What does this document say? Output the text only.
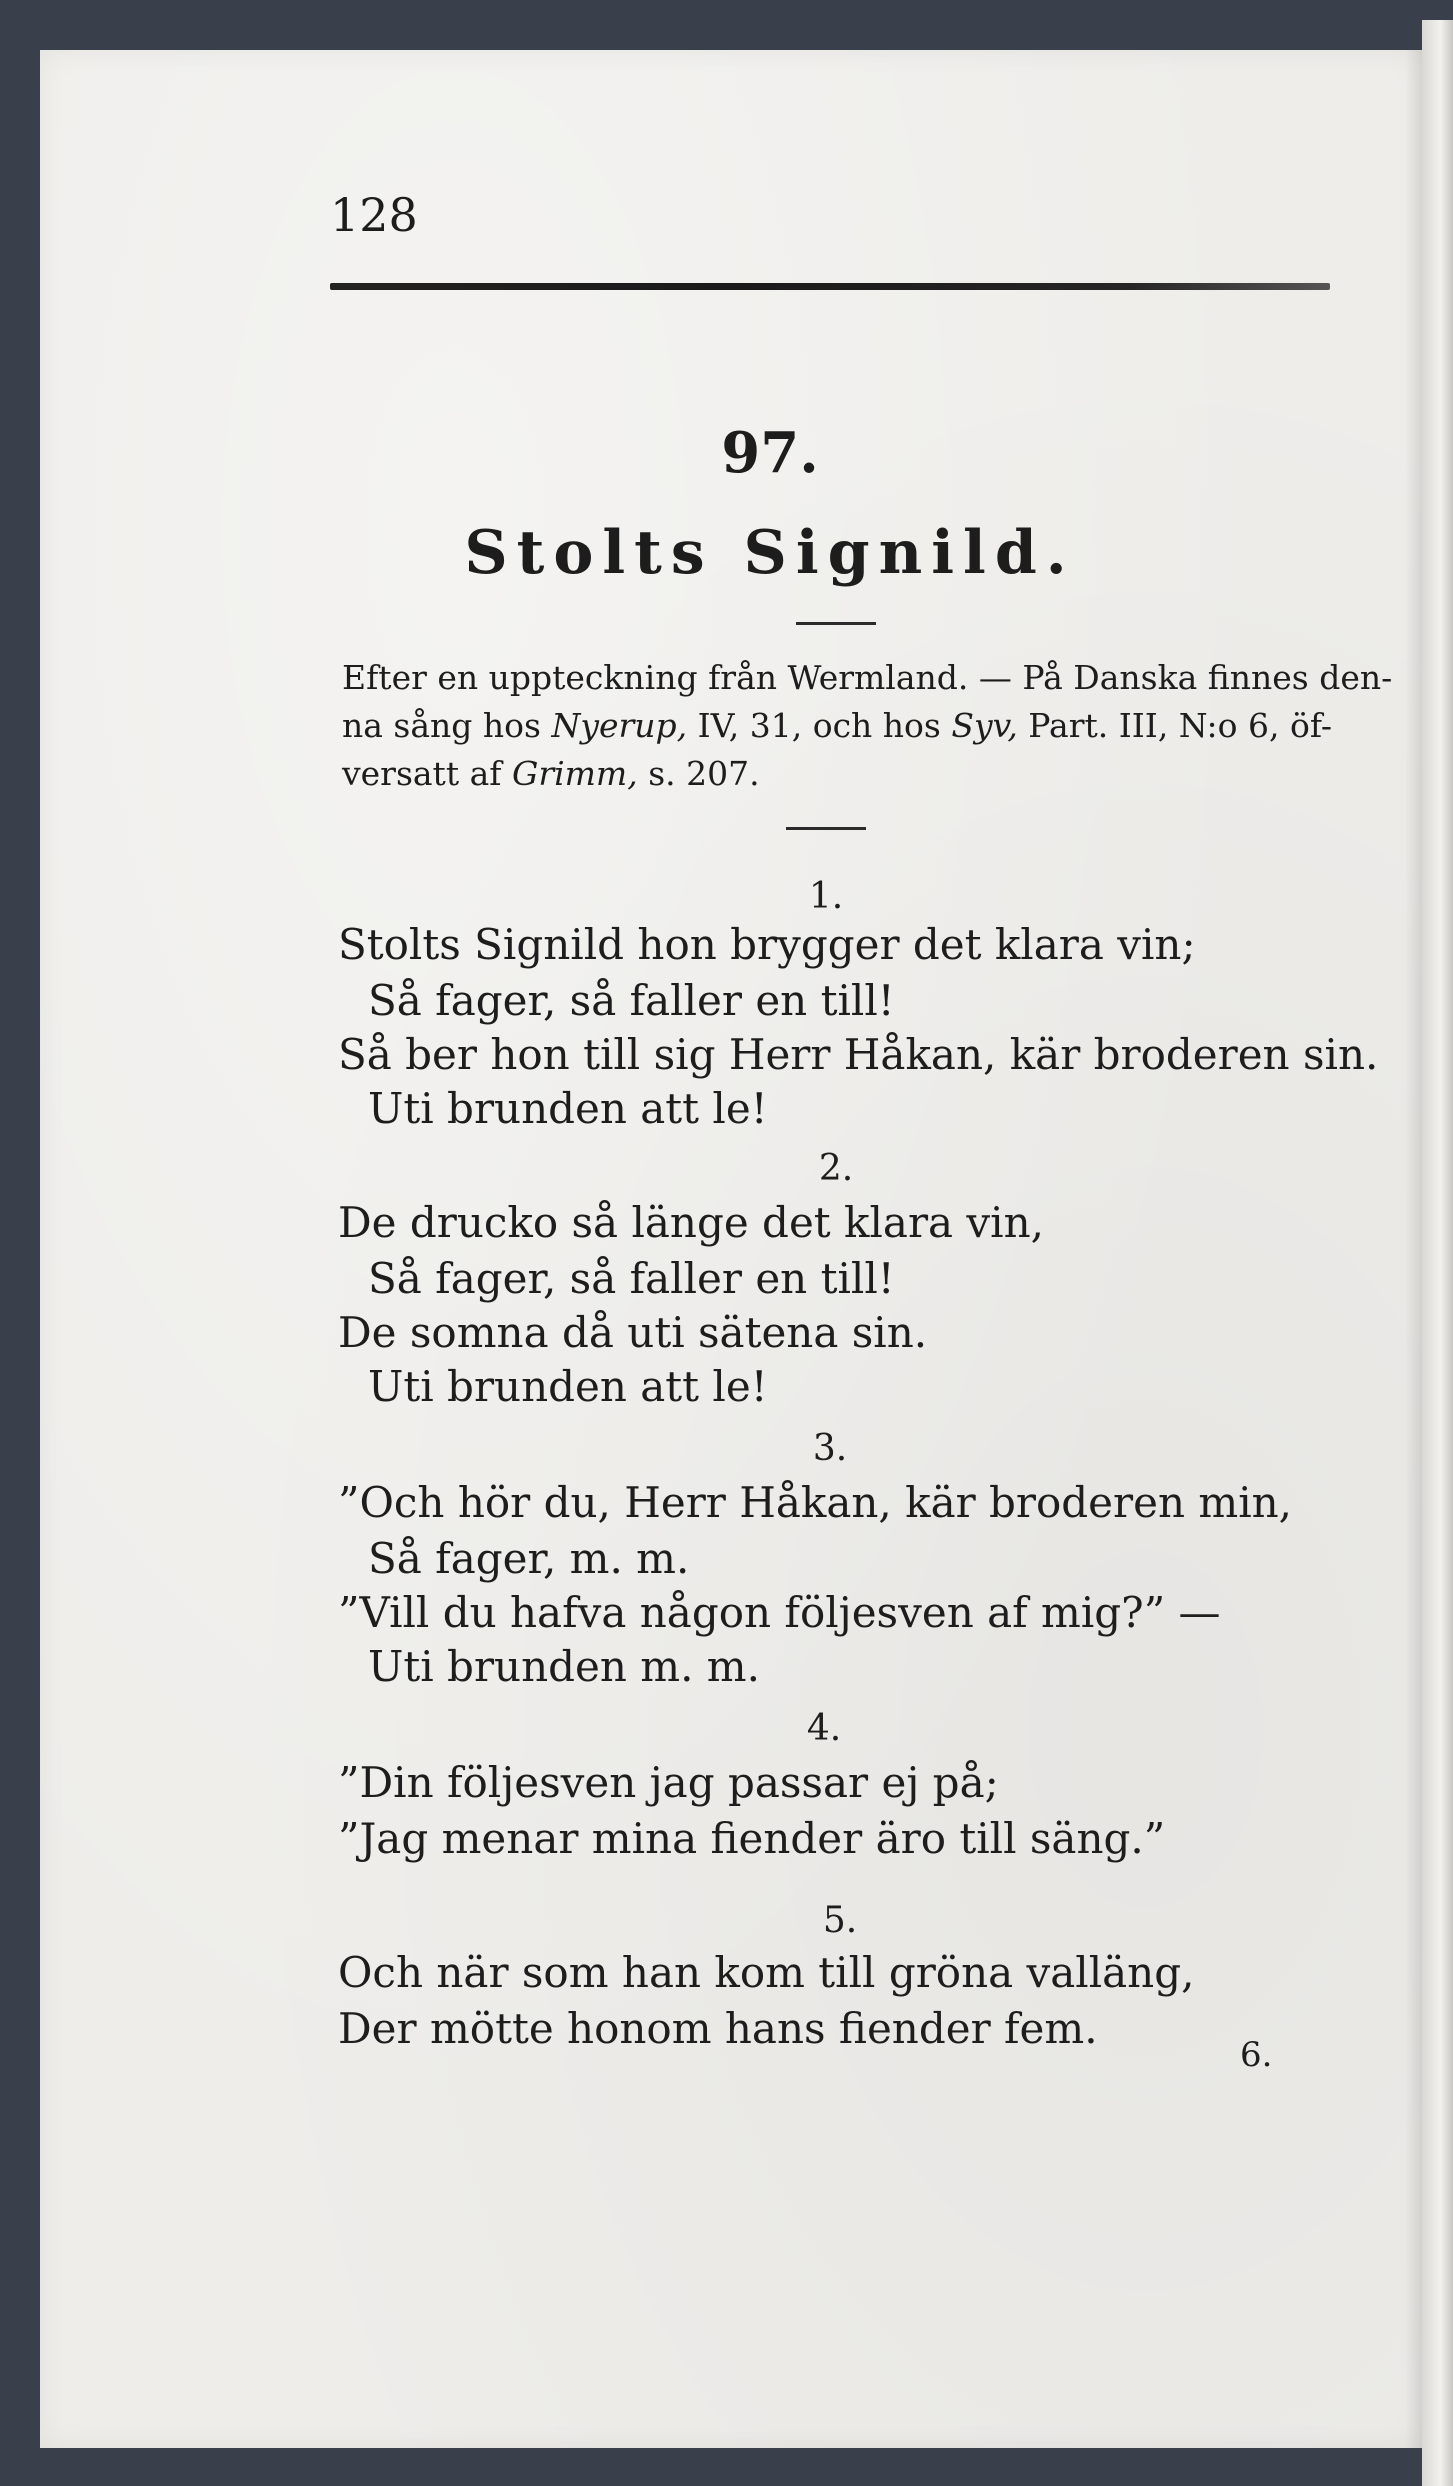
128
97.
Stolts Signild.
Efter en uppteckning från Wermland. — På Danska finnes den-
na sång hos Nyerup, IV, 31, och hos Syv, Part. III, N:o 6, öf-
versatt af Grimm, s. 207.
1.
Stolts Signild hon brygger det klara vin;
Så fager, så faller en till!
Så ber hon till sig Herr Håkan, kär broderen sin.
Uti brunden att le!
2.
De drucko så länge det klara vin,
Så fager, så faller en till!
De somna då uti sätena sin.
Uti brunden att le!
3.
”Och hör du, Herr Håkan, kär broderen min,
Så fager, m. m.
”Vill du hafva någon följesven af mig?” —
Uti brunden m. m.
4.
”Din följesven jag passar ej på;
”Jag menar mina fiender äro till säng.”
5.
Och när som han kom till gröna valläng,
Der mötte honom hans fiender fem.
6.
